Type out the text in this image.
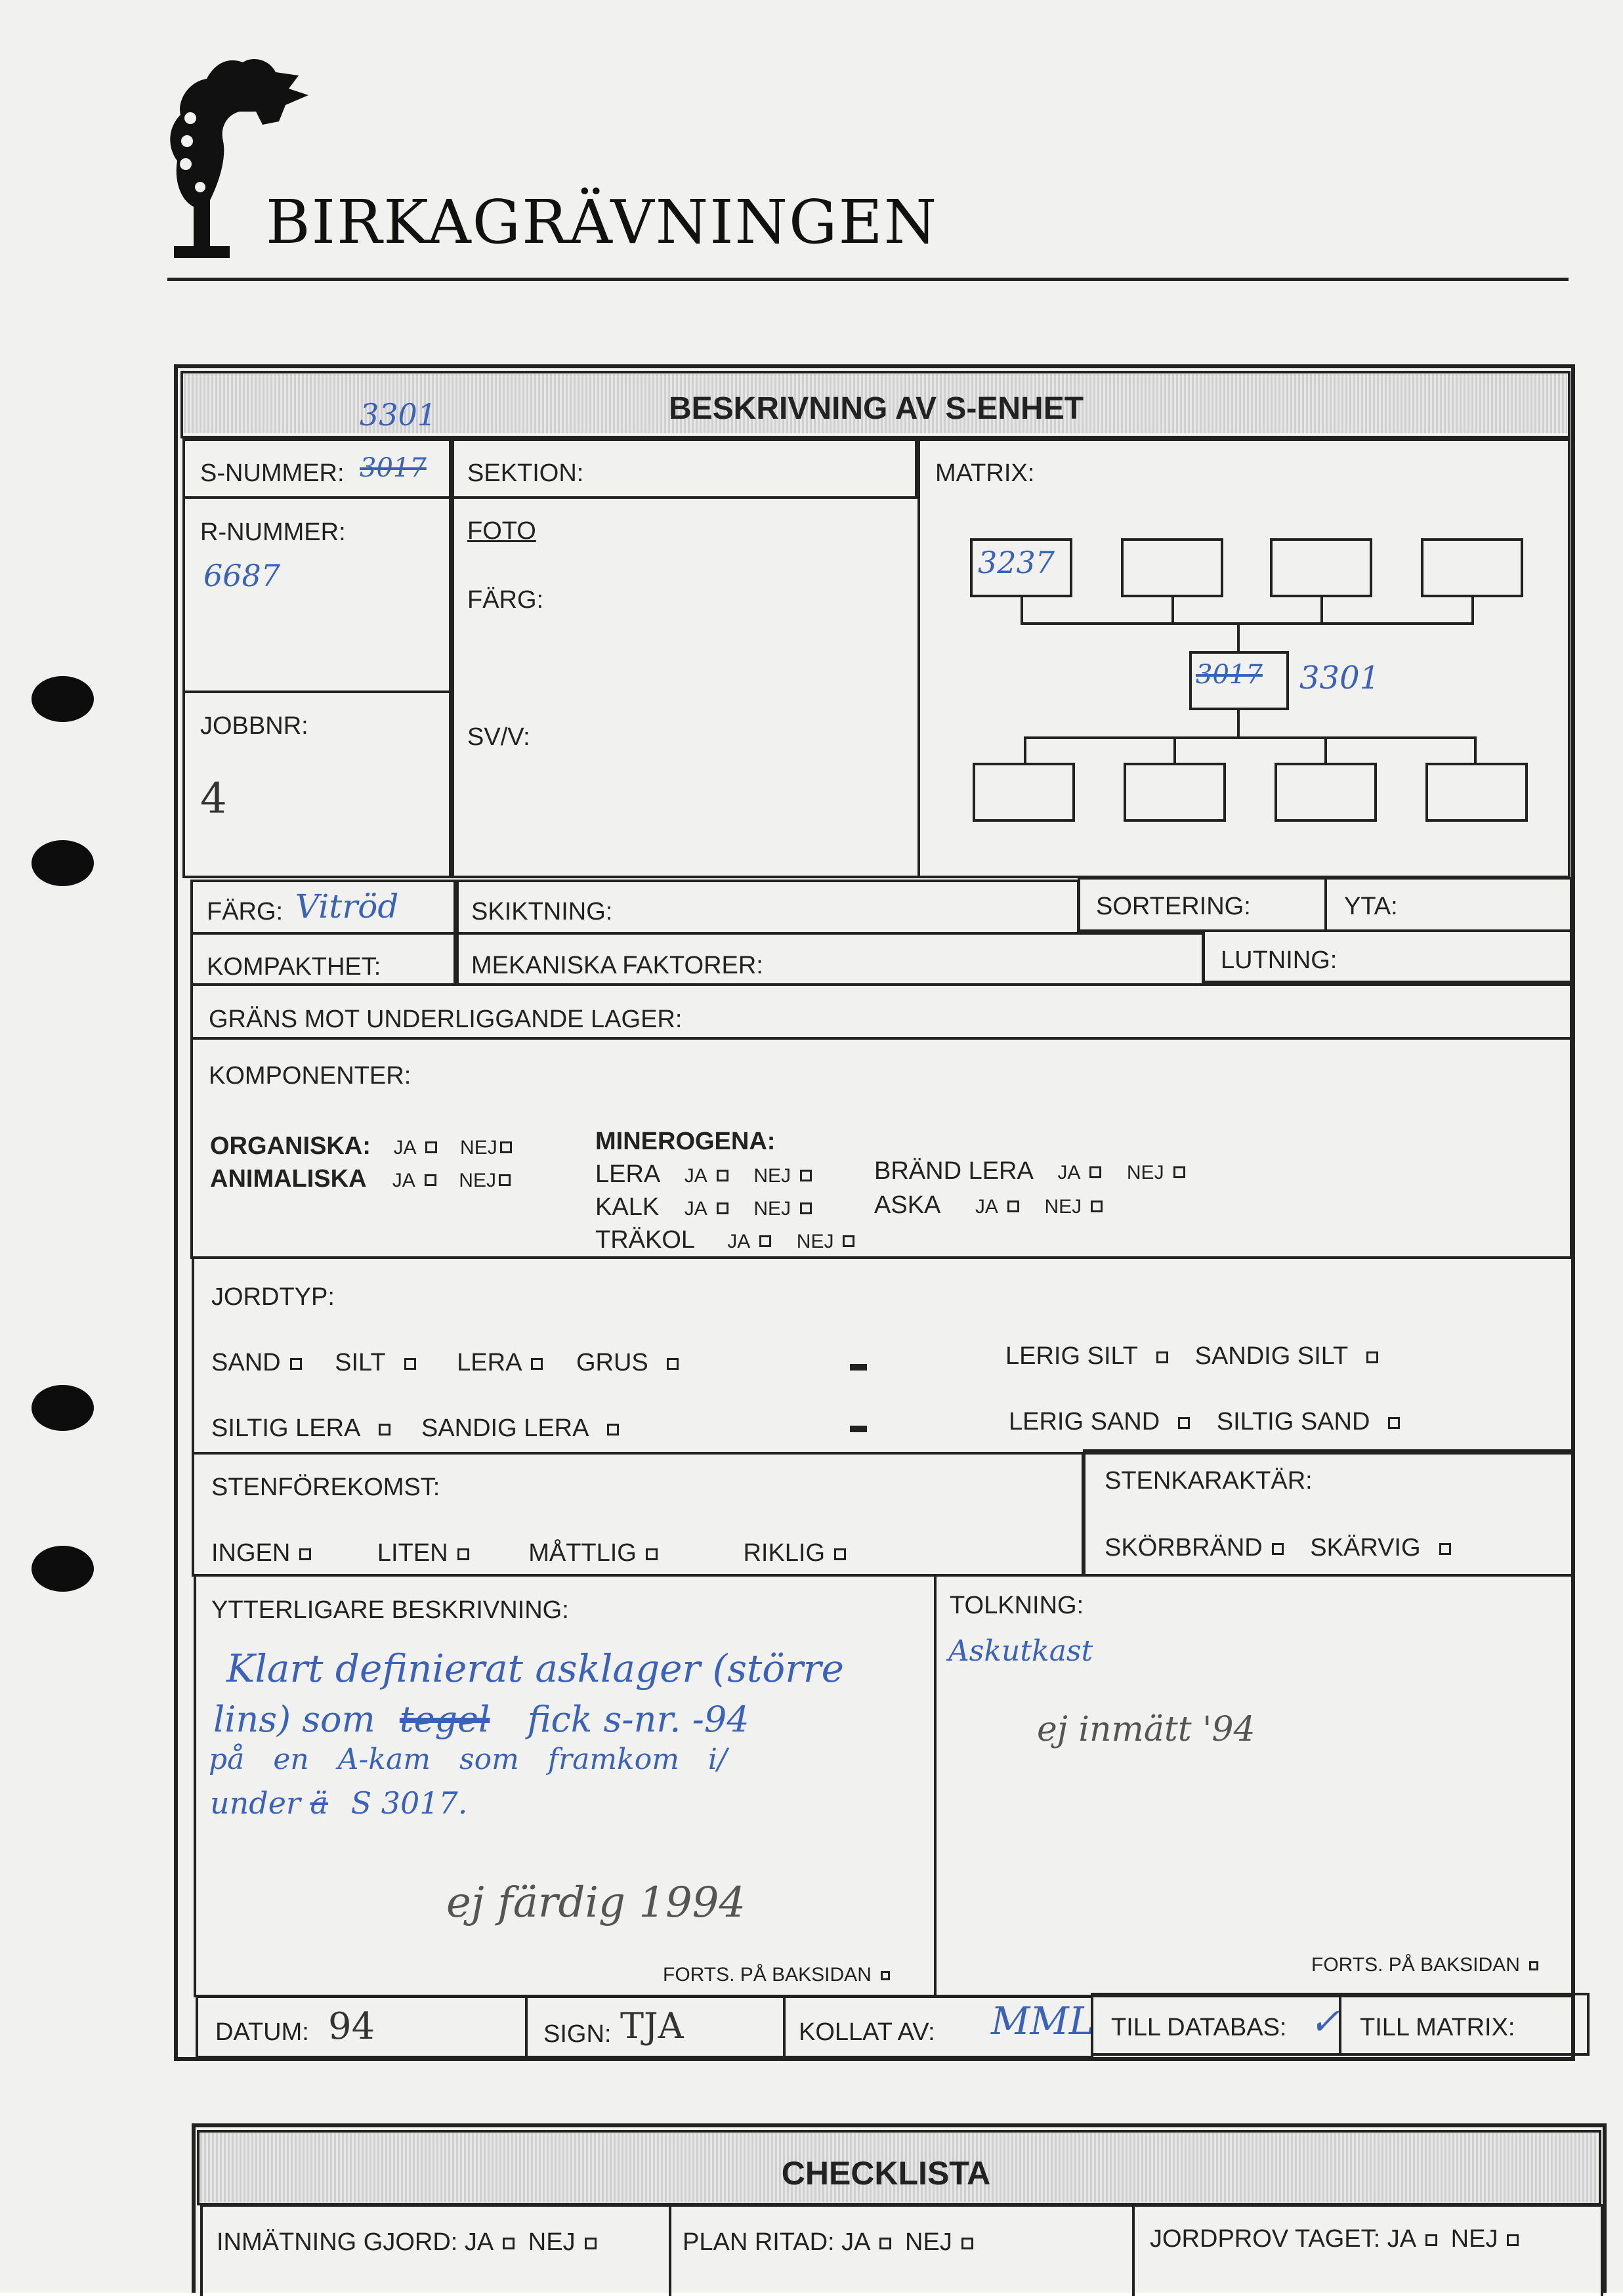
BIRKAGRÄVNINGEN
BESKRIVNING AV S-ENHET
3301
S-NUMMER: 3017 SEKTION:	MATRIX:
3237
3017 3301
R-NUMMER:
6687
JOBBNR:
4
FOTO
FÄRG:
SV/V:
FÄRG: Vitröd	SKIKTNING:	SORTERING:	YTA:
KOMPAKTHET:	MEKANISKA FAKTORER:	LUTNING:
GRÄNS MOT UNDERLIGGANDE LAGER:
KOMPONENTER:
ORGANISKA: JA NEJ
ANIMALISKA JA NEJ
MINEROGENA:
LERA JA NEJ
KALK JA NEJ
TRÄKOL JA NEJ
BRÄND LERA JA NEJ
ASKA JA NEJ
JORDTYP:
SAND SILT	LERA GRUS	LERIG SILT SANDIG SILT
SILTIG LERA SANDIG LERA	LERIG SAND SILTIG SAND
STENFÖREKOMST:
INGEN	LITEN	MÅTTLIG	RIKLIG
STENKARAKTÄR:
SKÖRBRÄND SKÄRVIG
YTTERLIGARE BESKRIVNING:
Klart definierat asklager (större
lins) som tegel fick s-nr. -94
på en A-kam som framkom i/
under ä S 3017.
ej färdig 1994
FORTS. PÅ BAKSIDAN
TOLKNING:
Askutkast
ej inmätt '94
FORTS. PÅ BAKSIDAN
DATUM: 94	SIGN: TJA	KOLLAT AV: MML TILL DATABAS: ✓ TILL MATRIX:
CHECKLISTA
INMÄTNING GJORD: JA NEJ	PLAN RITAD: JA NEJ	JORDPROV TAGET: JA NEJ
